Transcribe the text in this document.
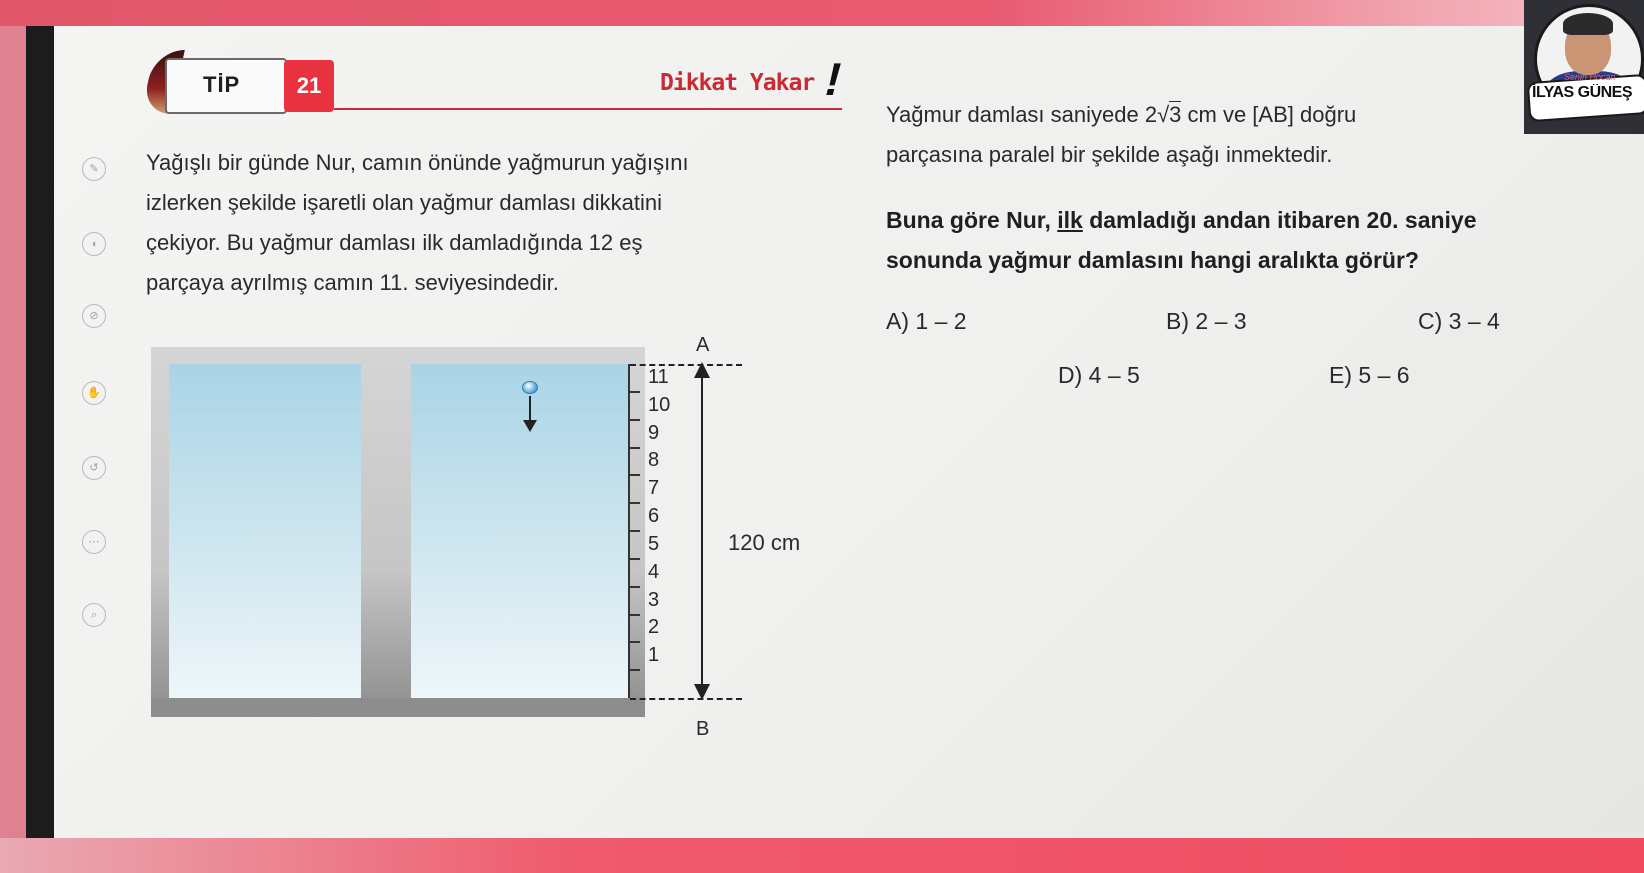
TİP	21	Dikkat Yakar !
✎
◖
⊘
✋
↺
⋯
⌕
Yağışlı bir günde Nur, camın önünde yağmurun yağışını
izlerken şekilde işaretli olan yağmur damlası dikkatini
çekiyor. Bu yağmur damlası ilk damladığında 12 eş
parçaya ayrılmış camın 11. seviyesindedir.
Yağmur damlası saniyede 2√3 cm ve [AB] doğru
parçasına paralel bir şekilde aşağı inmektedir.
Buna göre Nur, ilk damladığı andan itibaren 20. saniye
sonunda yağmur damlasını hangi aralıkta görür?
A) 1 – 2	B) 2 – 3	C) 3 – 4
D) 4 – 5	E) 5 – 6
11
10
9
8
7
6
5
4
3
2
1
A
B
120 cm
Senin Hocan
İLYAS GÜNEŞ
